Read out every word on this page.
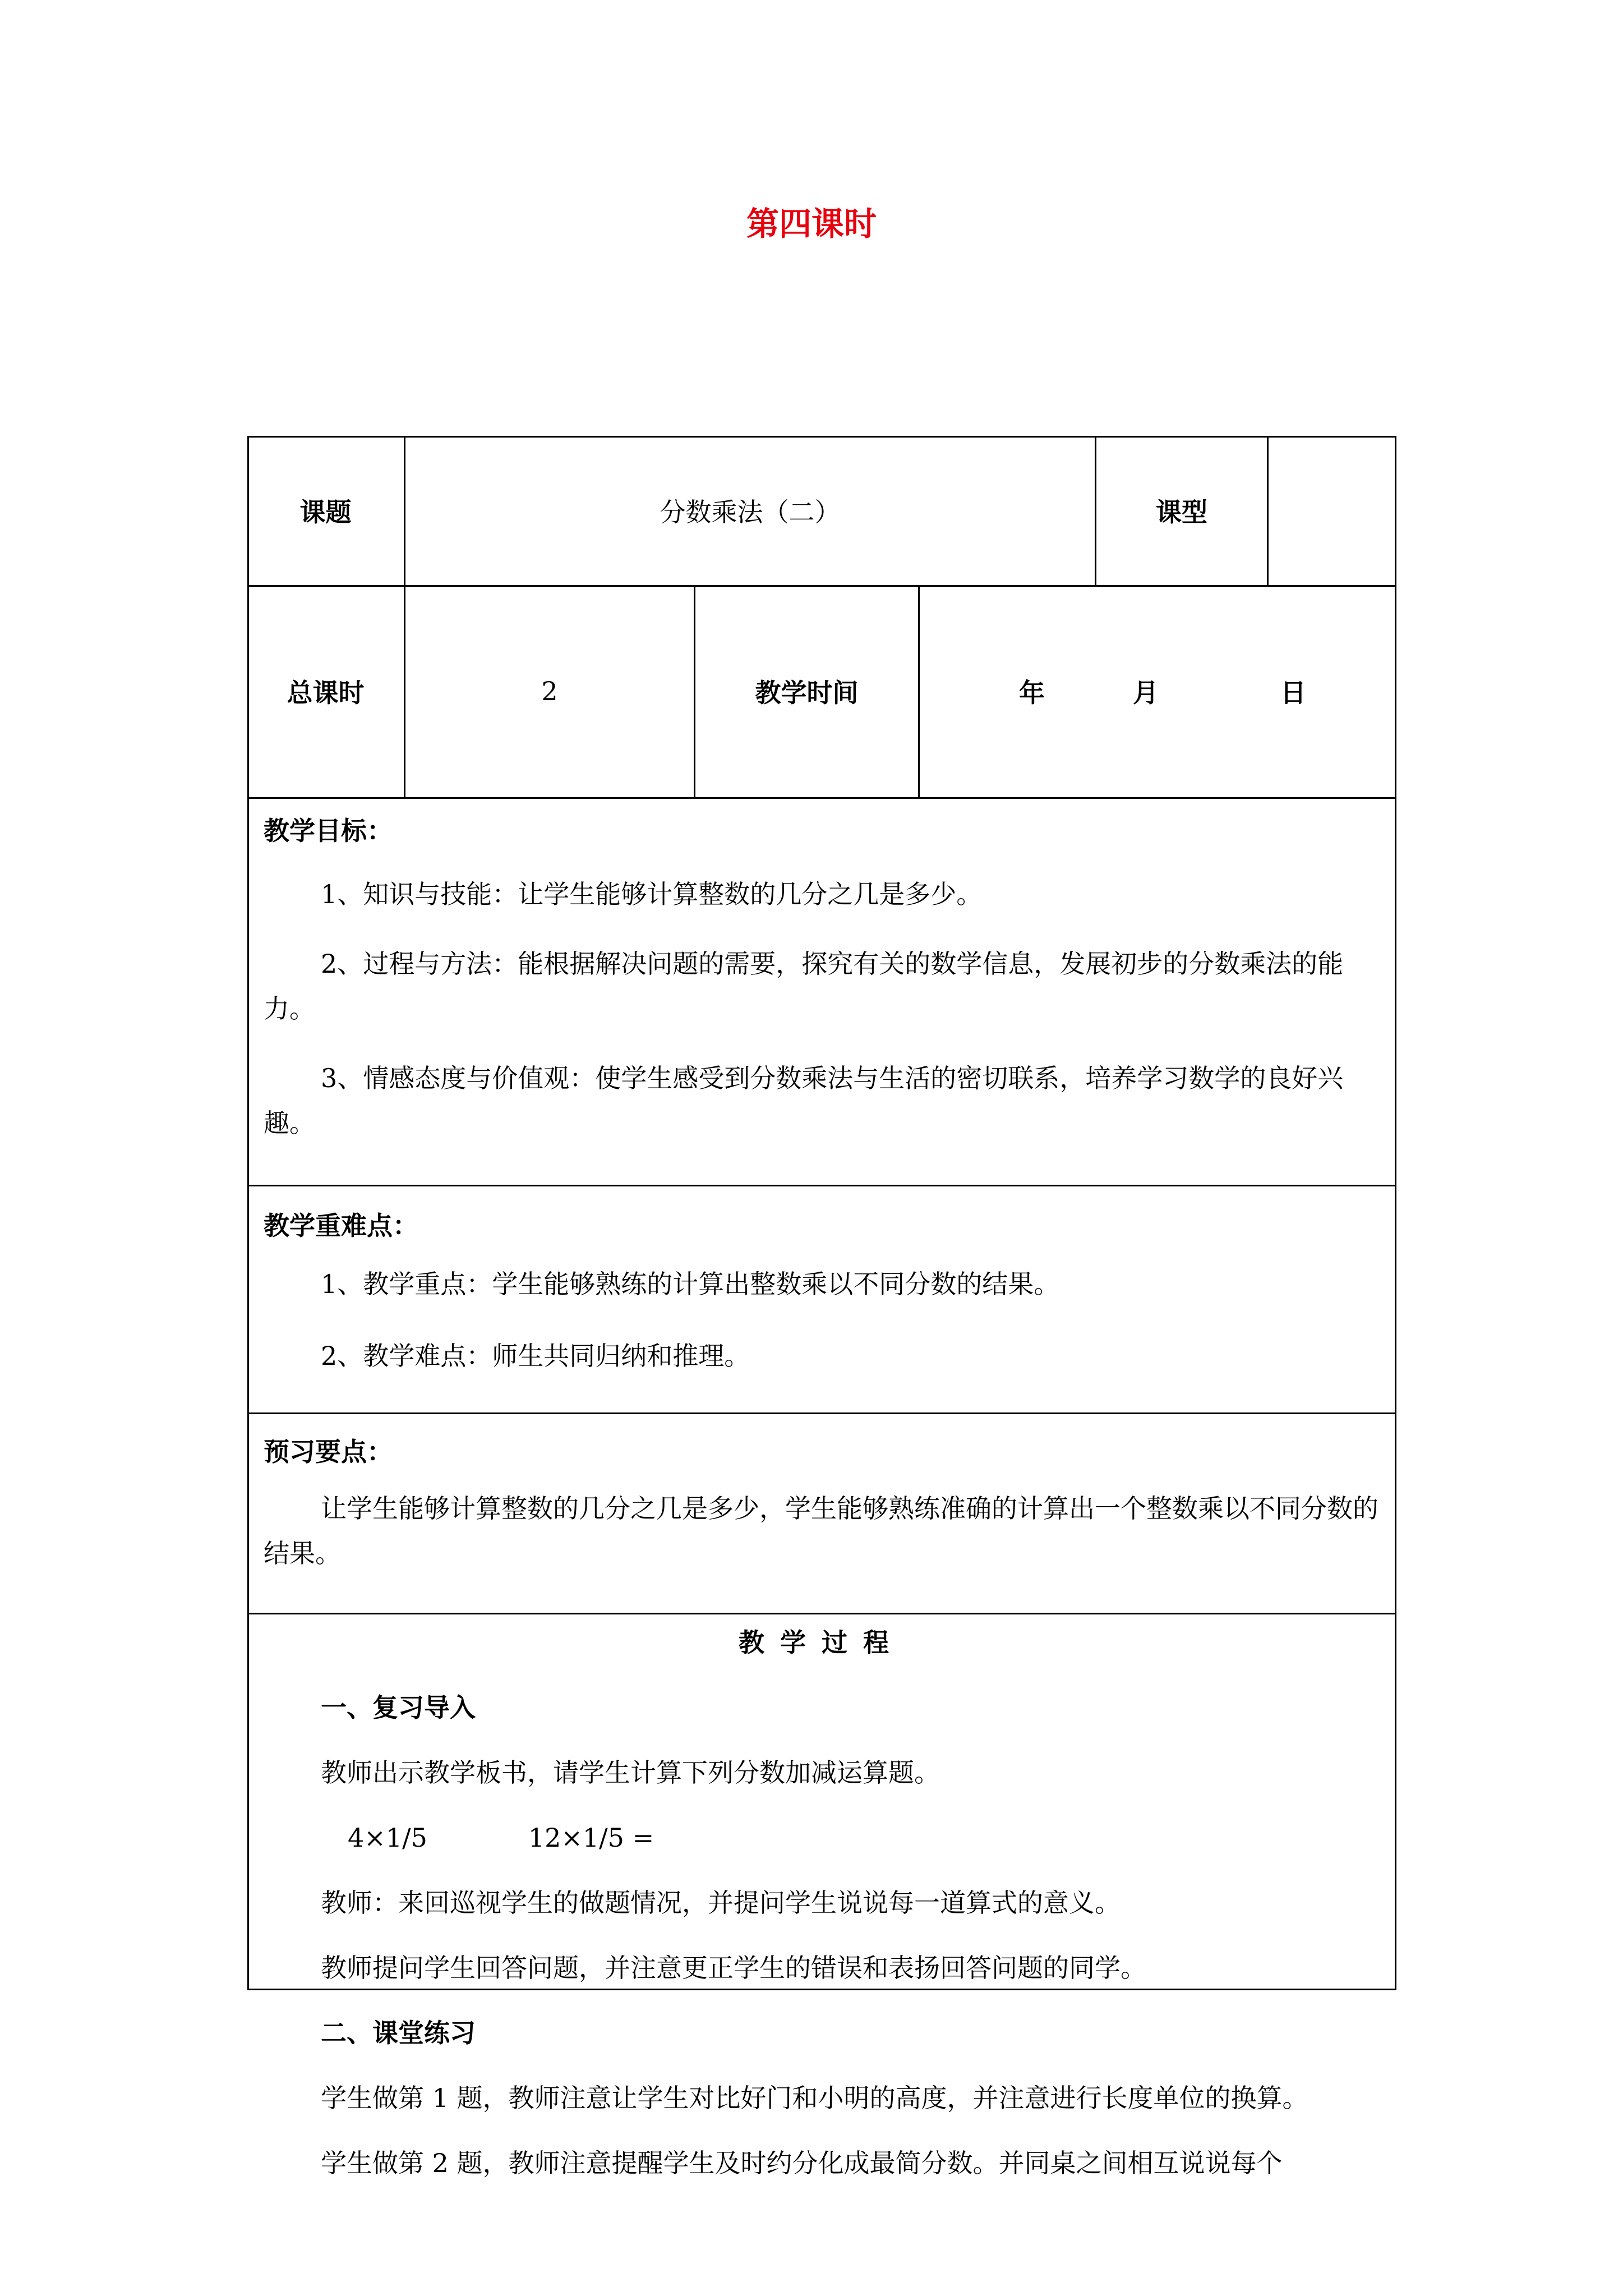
第四课时
课题	分数乘法（二）	课型
总课时	2	教学时间	年	月	日

教学目标：

1、知识与技能：让学生能够计算整数的几分之几是多少。

2、过程与方法：能根据解决问题的需要，探究有关的数学信息，发展初步的分数乘法的能力。

3、情感态度与价值观：使学生感受到分数乘法与生活的密切联系，培养学习数学的良好兴趣。

教学重难点：

1、教学重点：学生能够熟练的计算出整数乘以不同分数的结果。

2、教学难点：师生共同归纳和推理。

预习要点：

让学生能够计算整数的几分之几是多少，学生能够熟练准确的计算出一个整数乘以不同分数的结果。

教学过程

一、复习导入

教师出示教学板书，请学生计算下列分数加减运算题。

4×1/5	12×1/5 =

教师：来回巡视学生的做题情况，并提问学生说说每一道算式的意义。

教师提问学生回答问题，并注意更正学生的错误和表扬回答问题的同学。

二、课堂练习

学生做第 1 题，教师注意让学生对比好门和小明的高度，并注意进行长度单位的换算。

学生做第 2 题，教师注意提醒学生及时约分化成最简分数。并同桌之间相互说说每个
